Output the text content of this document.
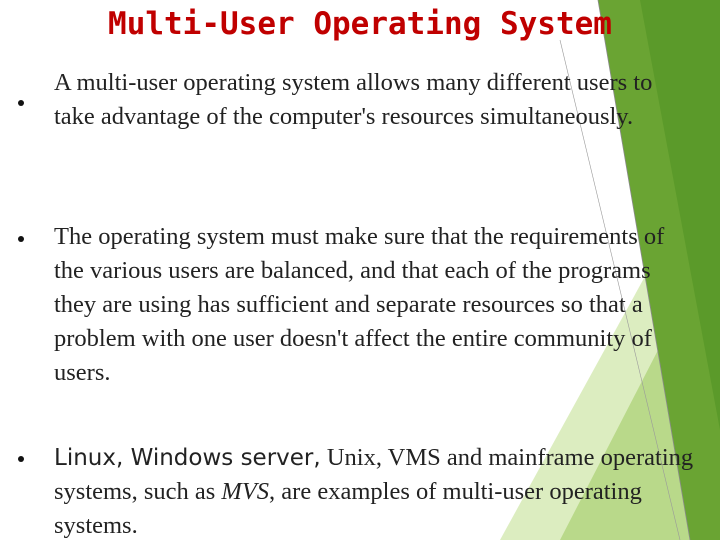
Multi-User Operating System
A multi-user operating system allows many different users to take advantage of the computer's resources simultaneously.
The operating system must make sure that the requirements of the various users are balanced, and that each of the programs they are using has sufficient and separate resources so that a problem with one user doesn't affect the entire community of users.
Linux, Windows server, Unix, VMS and mainframe operating systems, such as MVS, are examples of multi-user operating systems.
